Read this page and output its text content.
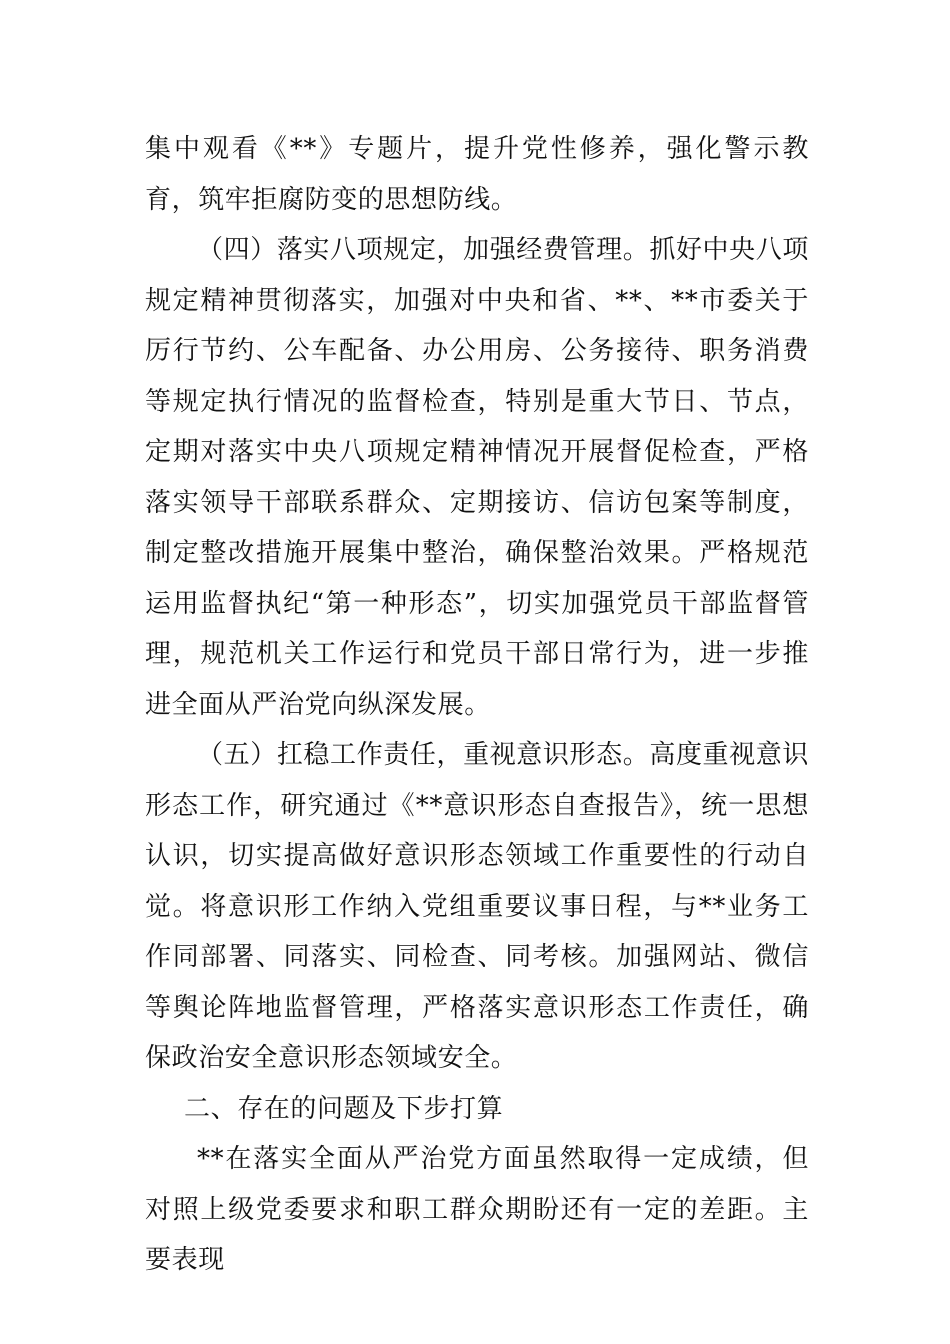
集中观看《**》专题片，提升党性修养，强化警示教育，筑牢拒腐防变的思想防线。

（四）落实八项规定，加强经费管理。抓好中央八项规定精神贯彻落实，加强对中央和省、**、**市委关于厉行节约、公车配备、办公用房、公务接待、职务消费等规定执行情况的监督检查，特别是重大节日、节点，定期对落实中央八项规定精神情况开展督促检查，严格落实领导干部联系群众、定期接访、信访包案等制度，制定整改措施开展集中整治，确保整治效果。严格规范运用监督执纪“第一种形态”，切实加强党员干部监督管理，规范机关工作运行和党员干部日常行为，进一步推进全面从严治党向纵深发展。

（五）扛稳工作责任，重视意识形态。高度重视意识形态工作，研究通过《**意识形态自查报告》，统一思想认识，切实提高做好意识形态领域工作重要性的行动自觉。将意识形工作纳入党组重要议事日程，与**业务工作同部署、同落实、同检查、同考核。加强网站、微信等舆论阵地监督管理，严格落实意识形态工作责任，确保政治安全意识形态领域安全。

二、存在的问题及下步打算

**在落实全面从严治党方面虽然取得一定成绩，但对照上级党委要求和职工群众期盼还有一定的差距。主要表现
